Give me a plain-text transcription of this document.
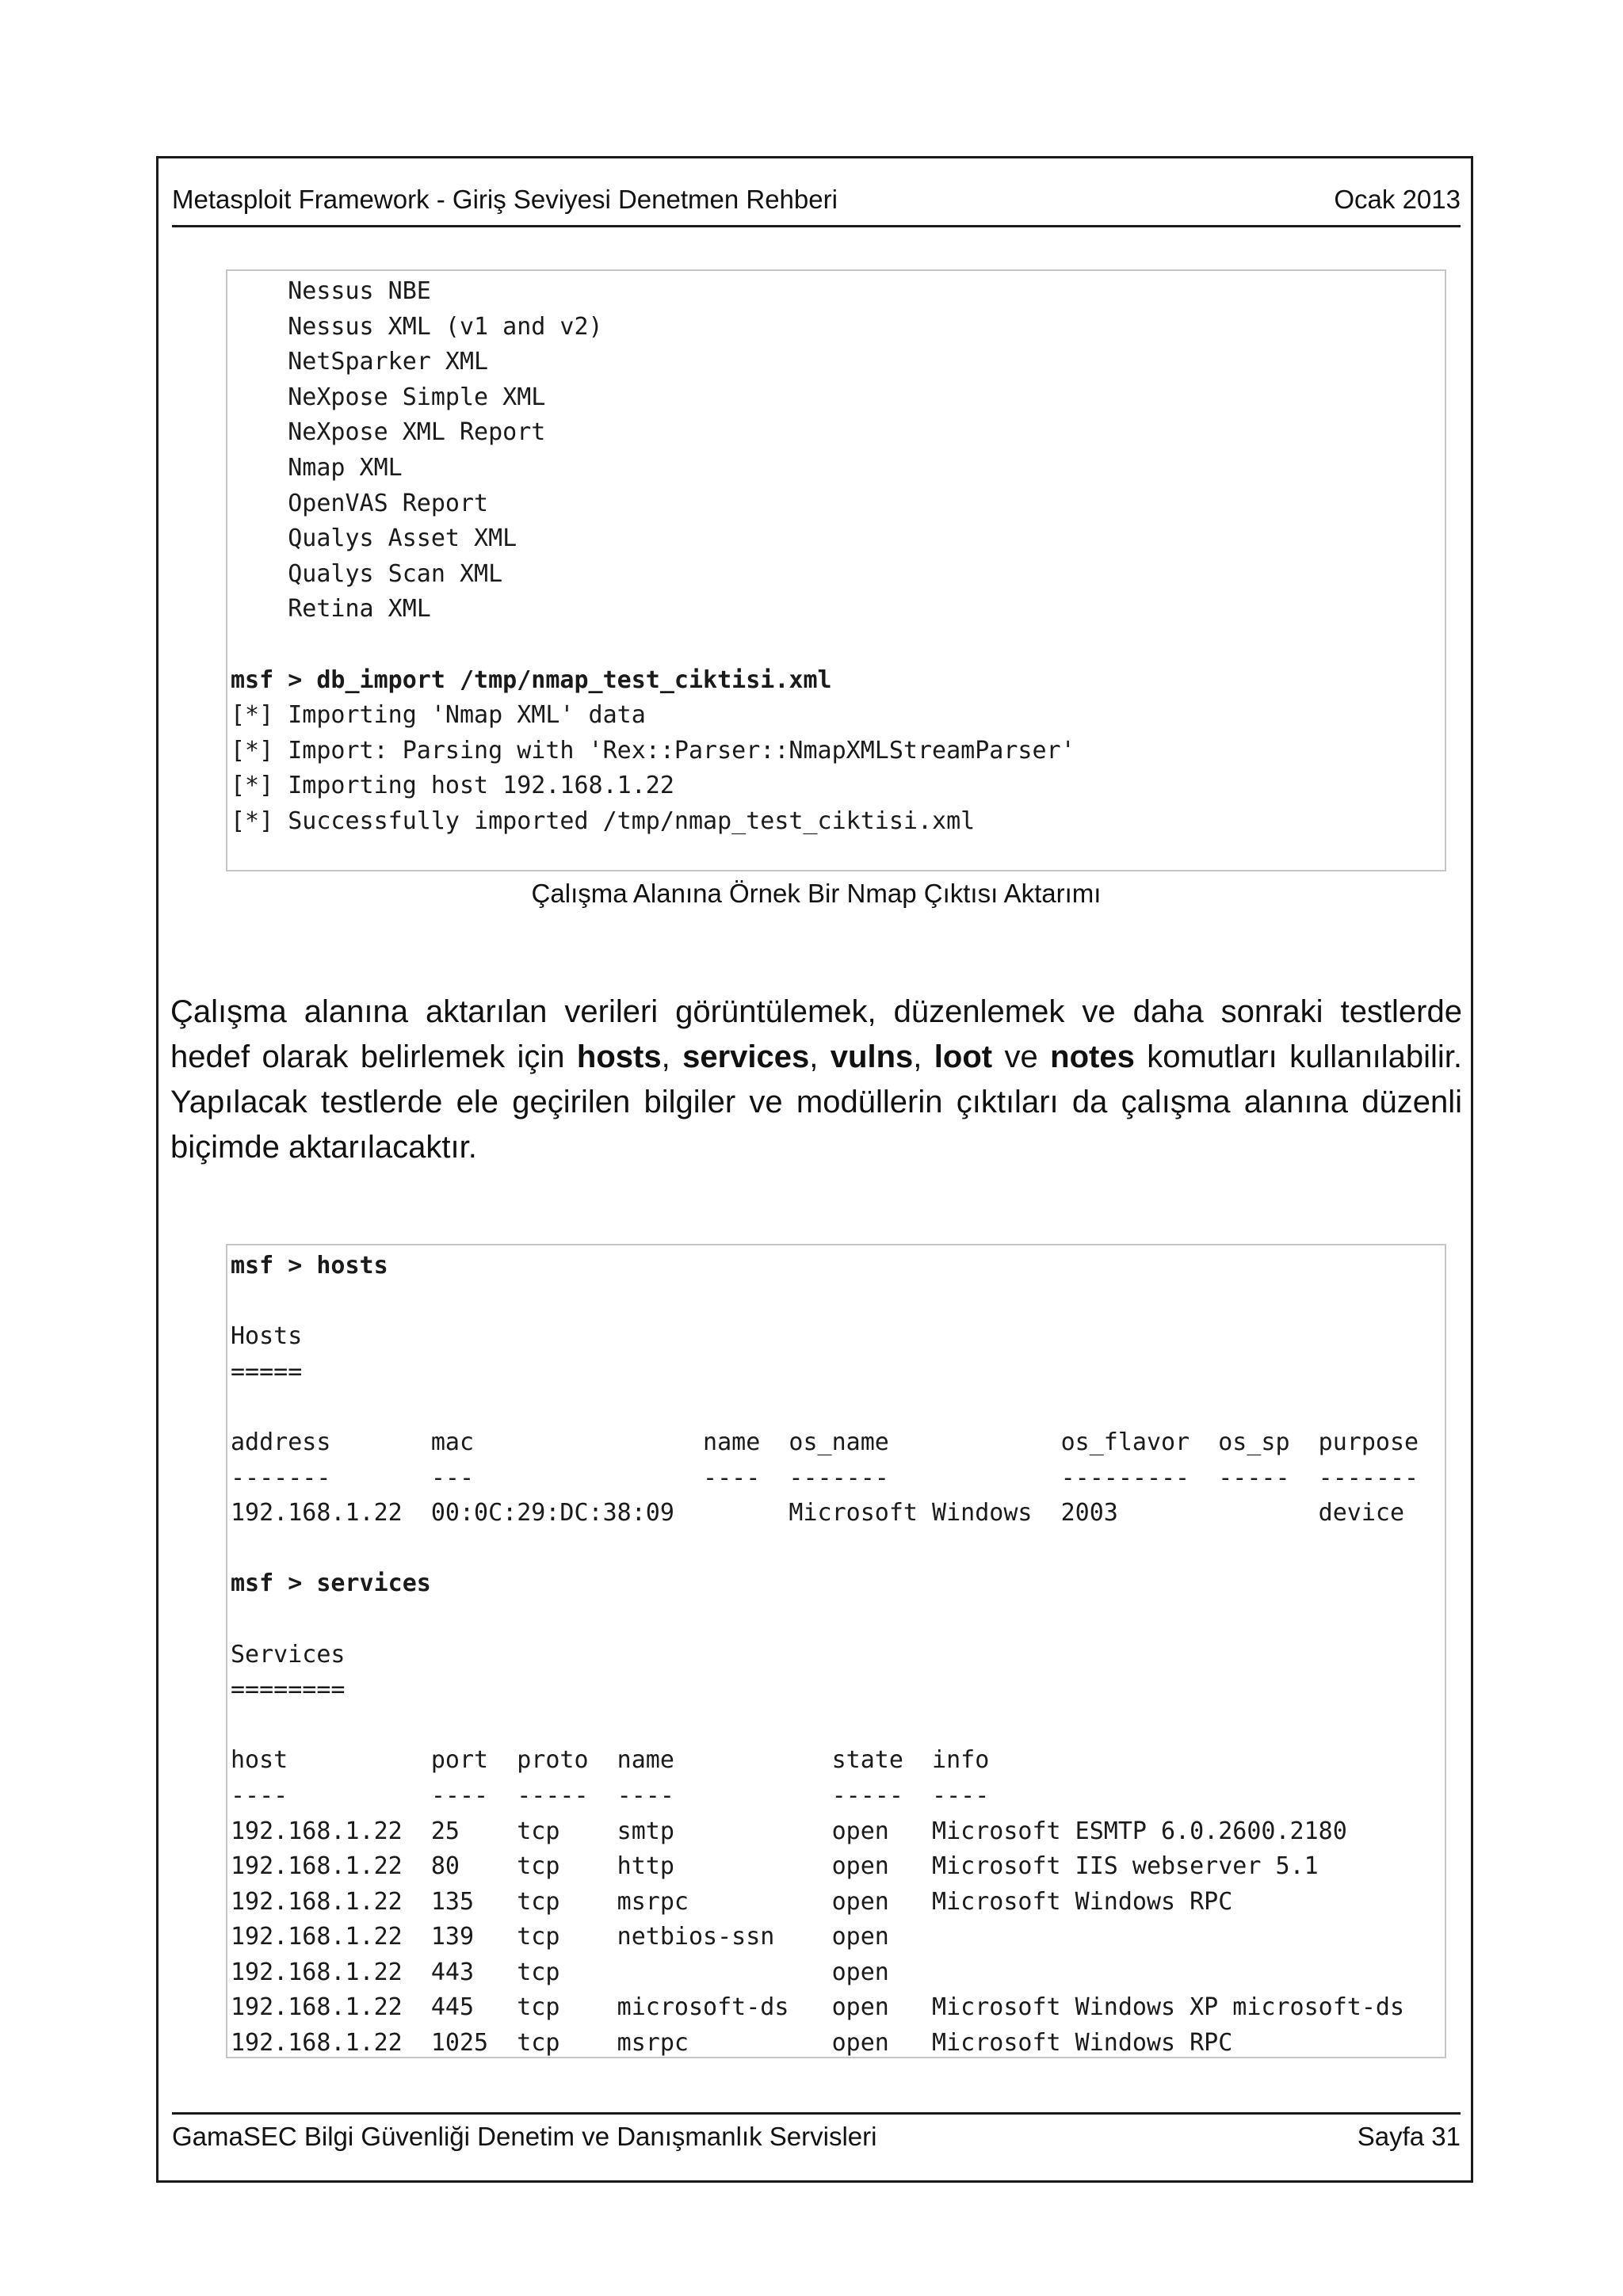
Metasploit Framework - Giriş Seviyesi Denetmen Rehberi	Ocak 2013
Nessus NBE
Nessus XML (v1 and v2)
NetSparker XML
NeXpose Simple XML
NeXpose XML Report
Nmap XML
OpenVAS Report
Qualys Asset XML
Qualys Scan XML
Retina XML

msf > db_import /tmp/nmap_test_ciktisi.xml
[*] Importing 'Nmap XML' data
[*] Import: Parsing with 'Rex::Parser::NmapXMLStreamParser'
[*] Importing host 192.168.1.22
[*] Successfully imported /tmp/nmap_test_ciktisi.xml
Çalışma Alanına Örnek Bir Nmap Çıktısı Aktarımı

Çalışma alanına aktarılan verileri görüntülemek, düzenlemek ve daha sonraki testlerde hedef olarak belirlemek için hosts, services, vulns, loot ve notes komutları kullanılabilir. Yapılacak testlerde ele geçirilen bilgiler ve modüllerin çıktıları da çalışma alanına düzenli biçimde aktarılacaktır.

msf > hosts

Hosts
=====

address       mac                name  os_name            os_flavor  os_sp  purpose
-------       ---                ----  -------            ---------  -----  -------
192.168.1.22  00:0C:29:DC:38:09        Microsoft Windows  2003              device

msf > services

Services
========

host          port  proto  name           state  info
----          ----  -----  ----           -----  ----
192.168.1.22  25    tcp    smtp           open   Microsoft ESMTP 6.0.2600.2180
192.168.1.22  80    tcp    http           open   Microsoft IIS webserver 5.1
192.168.1.22  135   tcp    msrpc          open   Microsoft Windows RPC
192.168.1.22  139   tcp    netbios-ssn    open
192.168.1.22  443   tcp                   open
192.168.1.22  445   tcp    microsoft-ds   open   Microsoft Windows XP microsoft-ds
192.168.1.22  1025  tcp    msrpc          open   Microsoft Windows RPC
GamaSEC Bilgi Güvenliği Denetim ve Danışmanlık Servisleri	Sayfa 31
